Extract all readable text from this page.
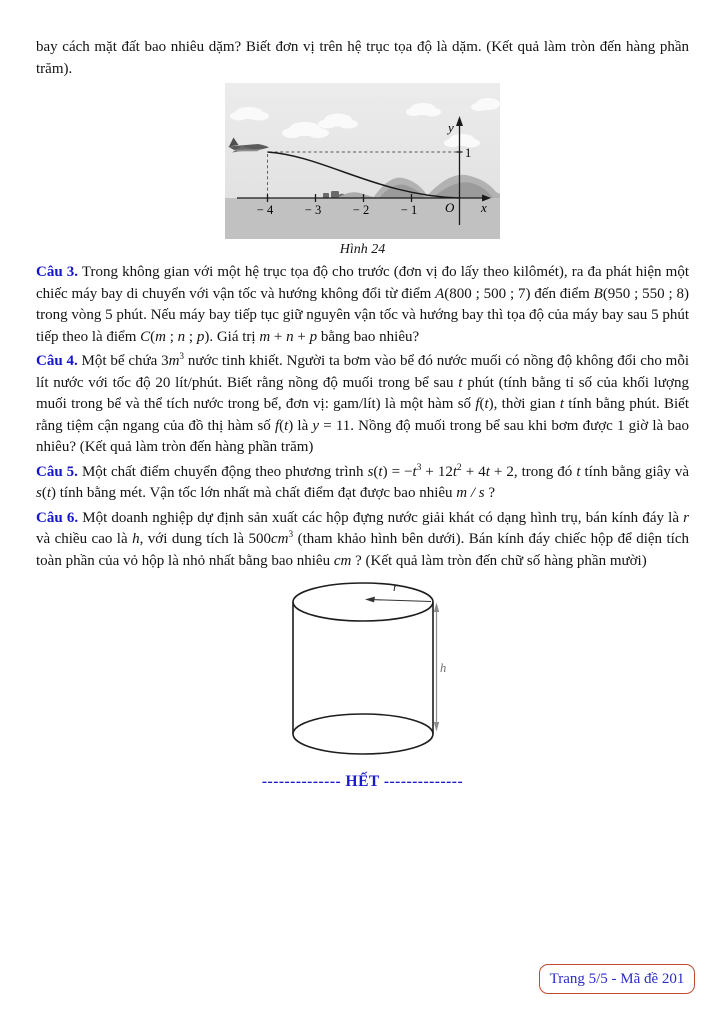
bay cách mặt đất bao nhiêu dặm? Biết đơn vị trên hệ trục tọa độ là dặm. (Kết quả làm tròn đến hàng phần trăm).

y
1
x
O
− 4	− 3	− 2	− 1
Hình 24

Câu 3. Trong không gian với một hệ trục tọa độ cho trước (đơn vị đo lấy theo kilômét), ra đa phát hiện một chiếc máy bay di chuyển với vận tốc và hướng không đổi từ điểm A(800 ; 500 ; 7) đến điểm B(950 ; 550 ; 8) trong vòng 5 phút. Nếu máy bay tiếp tục giữ nguyên vận tốc và hướng bay thì tọa độ của máy bay sau 5 phút tiếp theo là điểm C(m ; n ; p). Giá trị m + n + p bằng bao nhiêu?

Câu 4. Một bể chứa $3m^3$ nước tinh khiết. Người ta bơm vào bể đó nước muối có nồng độ không đổi cho mỗi lít nước với tốc độ 20 lít/phút. Biết rằng nồng độ muối trong bể sau t phút (tính bằng tỉ số của khối lượng muối trong bể và thể tích nước trong bể, đơn vị: gam/lít) là một hàm số f(t), thời gian t tính bằng phút. Biết rằng tiệm cận ngang của đồ thị hàm số f(t) là y = 11. Nồng độ muối trong bể sau khi bơm được 1 giờ là bao nhiêu? (Kết quả làm tròn đến hàng phần trăm)

Câu 5. Một chất điểm chuyển động theo phương trình $s(t) = -t^3 + 12t^2 + 4t + 2$, trong đó t tính bằng giây và s(t) tính bằng mét. Vận tốc lớn nhất mà chất điểm đạt được bao nhiêu m / s ?

Câu 6. Một doanh nghiệp dự định sản xuất các hộp đựng nước giải khát có dạng hình trụ, bán kính đáy là r và chiều cao là h, với dung tích là $500cm^3$ (tham khảo hình bên dưới). Bán kính đáy chiếc hộp để diện tích toàn phần của vỏ hộp là nhỏ nhất bằng bao nhiêu cm ? (Kết quả làm tròn đến chữ số hàng phần mười)

r
h
-------------- HẾT --------------
Trang 5/5 - Mã đề 201
